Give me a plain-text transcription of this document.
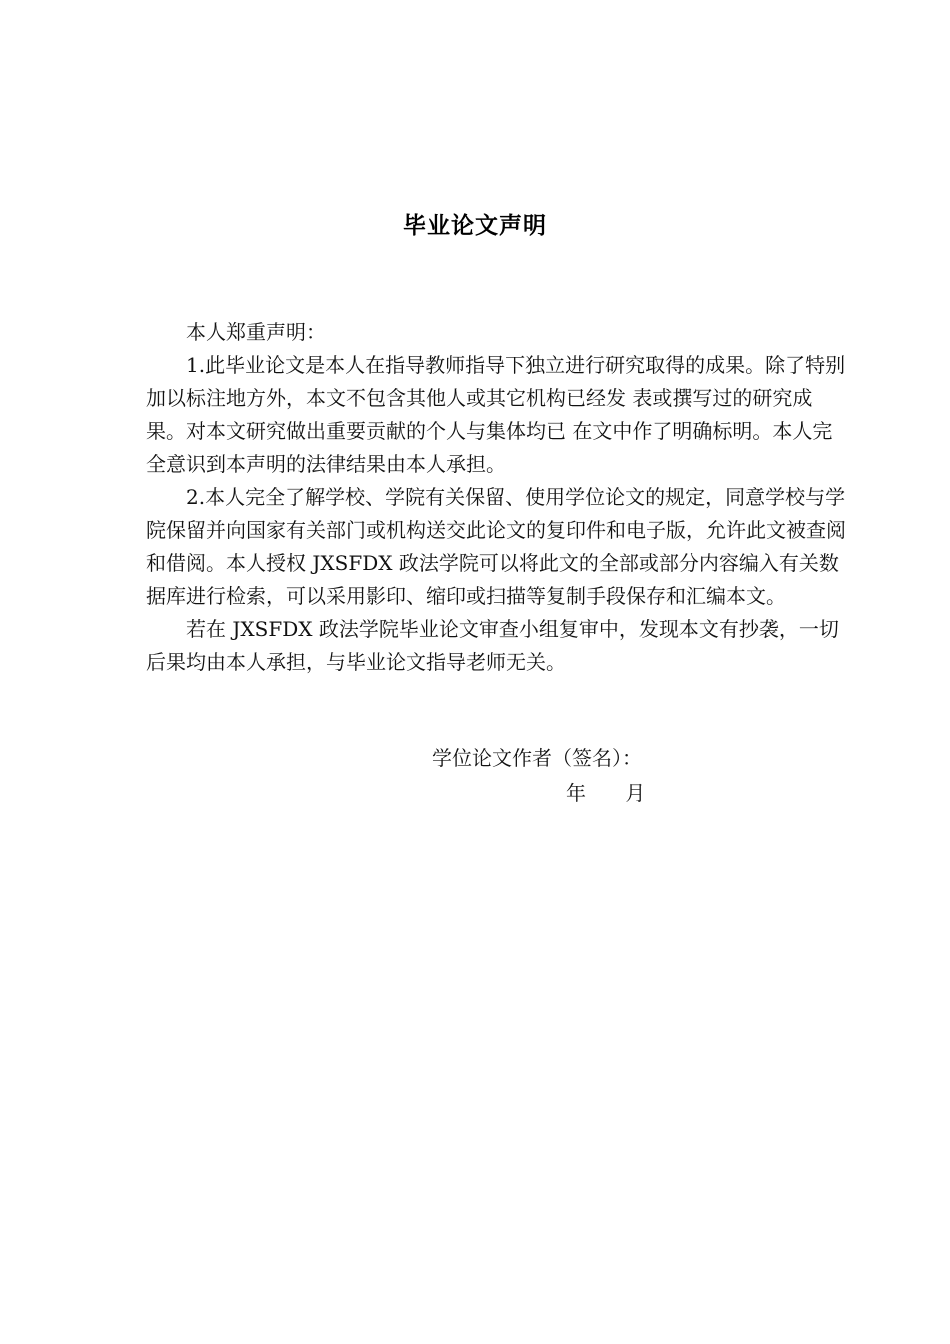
毕业论文声明

本人郑重声明：

1.此毕业论文是本人在指导教师指导下独立进行研究取得的成果。除了特别加以标注地方外，本文不包含其他人或其它机构已经发 表或撰写过的研究成果。对本文研究做出重要贡献的个人与集体均已 在文中作了明确标明。本人完全意识到本声明的法律结果由本人承担。

2.本人完全了解学校、学院有关保留、使用学位论文的规定，同意学校与学院保留并向国家有关部门或机构送交此论文的复印件和电子版，允许此文被查阅和借阅。本人授权 JXSFDX 政法学院可以将此文的全部或部分内容编入有关数据库进行检索，可以采用影印、缩印或扫描等复制手段保存和汇编本文。

若在 JXSFDX 政法学院毕业论文审查小组复审中，发现本文有抄袭，一切后果均由本人承担，与毕业论文指导老师无关。

学位论文作者（签名）：

年 月
